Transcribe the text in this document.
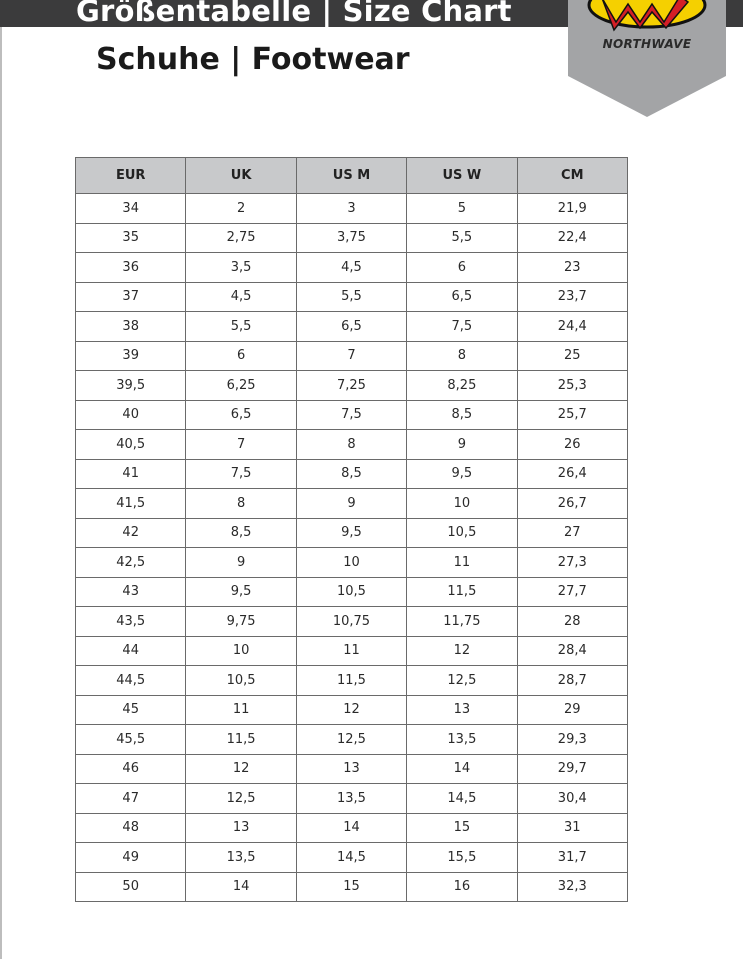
Größentabelle | Size Chart
Schuhe | Footwear	NORTHWAVE
EUR	UK	US M	US W	CM
34	2	3	5	21,9
35	2,75	3,75	5,5	22,4
36	3,5	4,5	6	23
37	4,5	5,5	6,5	23,7
38	5,5	6,5	7,5	24,4
39	6	7	8	25
39,5	6,25	7,25	8,25	25,3
40	6,5	7,5	8,5	25,7
40,5	7	8	9	26
41	7,5	8,5	9,5	26,4
41,5	8	9	10	26,7
42	8,5	9,5	10,5	27
42,5	9	10	11	27,3
43	9,5	10,5	11,5	27,7
43,5	9,75	10,75	11,75	28
44	10	11	12	28,4
44,5	10,5	11,5	12,5	28,7
45	11	12	13	29
45,5	11,5	12,5	13,5	29,3
46	12	13	14	29,7
47	12,5	13,5	14,5	30,4
48	13	14	15	31
49	13,5	14,5	15,5	31,7
50	14	15	16	32,3
